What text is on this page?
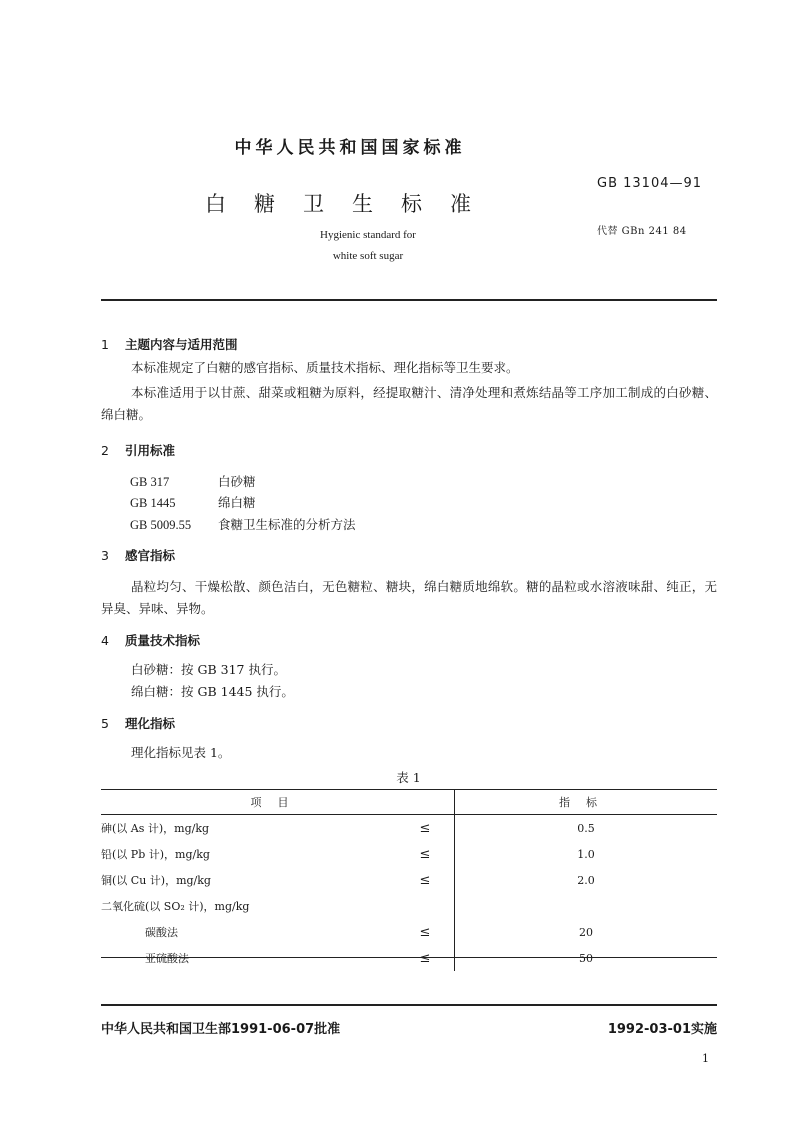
中华人民共和国国家标准
GB 13104—91
白糖卫生标准
代替 GBn 241 84
Hygienic standard for
white soft sugar
1 主题内容与适用范围
本标准规定了白糖的感官指标、质量技术指标、理化指标等卫生要求。
本标准适用于以甘蔗、甜菜或粗糖为原料，经提取糖汁、清净处理和煮炼结晶等工序加工制成的白砂糖、绵白糖。
2 引用标准
GB 317	白砂糖
GB 1445	绵白糖
GB 5009.55 食糖卫生标准的分析方法
3 感官指标
晶粒均匀、干燥松散、颜色洁白，无色糖粒、糖块，绵白糖质地绵软。糖的晶粒或水溶液味甜、纯正，无异臭、异味、异物。
4 质量技术指标
白砂糖：按 GB 317 执行。
绵白糖：按 GB 1445 执行。
5 理化指标
理化指标见表 1。
表 1
项目		指标
砷(以 As 计)，mg/kg	≤	0.5
铅(以 Pb 计)，mg/kg	≤	1.0
铜(以 Cu 计)，mg/kg	≤	2.0
二氧化硫(以 SO₂ 计)，mg/kg		
碳酸法	≤	20
亚硫酸法	≤	50
中华人民共和国卫生部1991-06-07批准	1992-03-01实施
1
